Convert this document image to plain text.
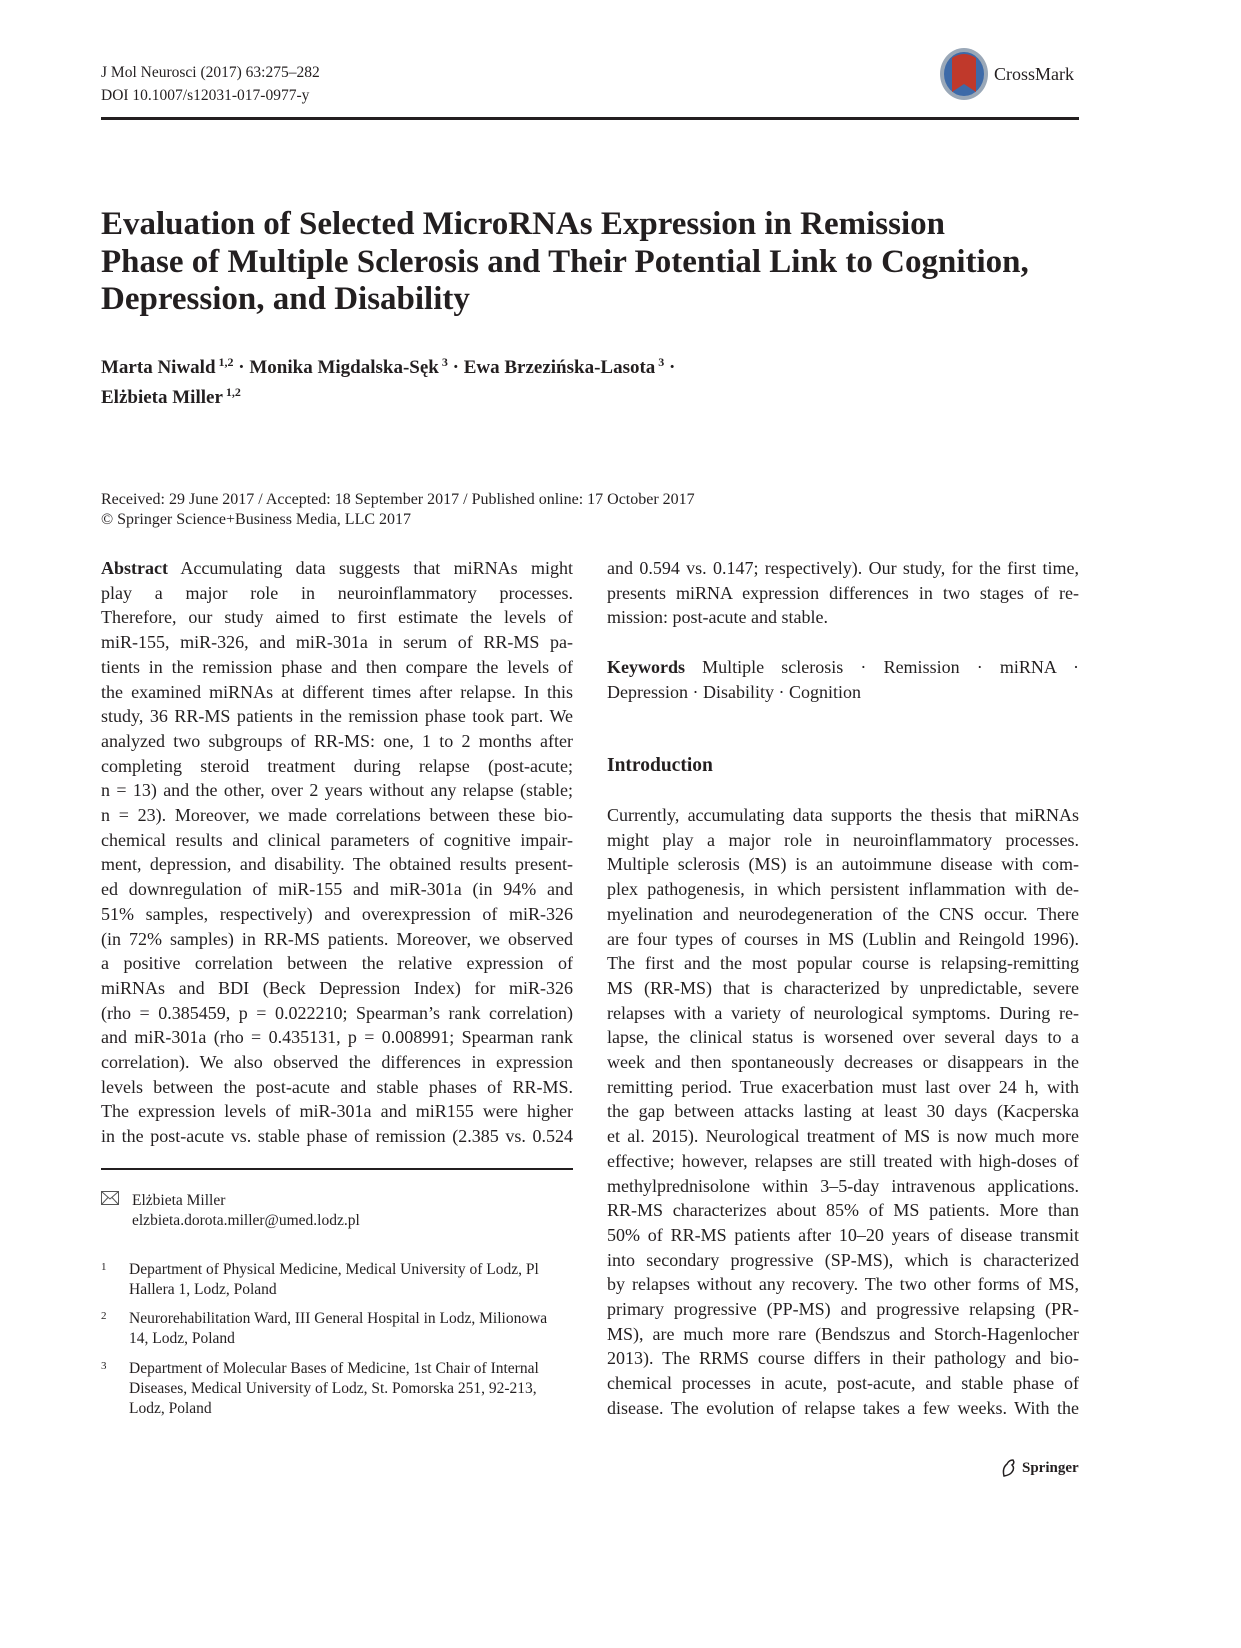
J Mol Neurosci (2017) 63:275–282
DOI 10.1007/s12031-017-0977-y
CrossMark
Evaluation of Selected MicroRNAs Expression in Remission
Phase of Multiple Sclerosis and Their Potential Link to Cognition,
Depression, and Disability
Marta Niwald $^{1,2}$ · Monika Migdalska-Sęk $^3$ · Ewa Brzezińska-Lasota $^3$ ·
Elżbieta Miller $^{1,2}$
Received: 29 June 2017 / Accepted: 18 September 2017 / Published online: 17 October 2017
© Springer Science+Business Media, LLC 2017
Abstract Accumulating data suggests that miRNAs might
play a major role in neuroinflammatory processes.
Therefore, our study aimed to first estimate the levels of
miR-155, miR-326, and miR-301a in serum of RR-MS pa-
tients in the remission phase and then compare the levels of
the examined miRNAs at different times after relapse. In this
study, 36 RR-MS patients in the remission phase took part. We
analyzed two subgroups of RR-MS: one, 1 to 2 months after
completing steroid treatment during relapse (post-acute;
n = 13) and the other, over 2 years without any relapse (stable;
n = 23). Moreover, we made correlations between these bio-
chemical results and clinical parameters of cognitive impair-
ment, depression, and disability. The obtained results present-
ed downregulation of miR-155 and miR-301a (in 94% and
51% samples, respectively) and overexpression of miR-326
(in 72% samples) in RR-MS patients. Moreover, we observed
a positive correlation between the relative expression of
miRNAs and BDI (Beck Depression Index) for miR-326
(rho = 0.385459, p = 0.022210; Spearman’s rank correlation)
and miR-301a (rho = 0.435131, p = 0.008991; Spearman rank
correlation). We also observed the differences in expression
levels between the post-acute and stable phases of RR-MS.
The expression levels of miR-301a and miR155 were higher
in the post-acute vs. stable phase of remission (2.385 vs. 0.524
and 0.594 vs. 0.147; respectively). Our study, for the first time,
presents miRNA expression differences in two stages of re-
mission: post-acute and stable.
Keywords Multiple sclerosis · Remission · miRNA ·
Depression · Disability · Cognition
Introduction
Currently, accumulating data supports the thesis that miRNAs
might play a major role in neuroinflammatory processes.
Multiple sclerosis (MS) is an autoimmune disease with com-
plex pathogenesis, in which persistent inflammation with de-
myelination and neurodegeneration of the CNS occur. There
are four types of courses in MS (Lublin and Reingold 1996).
The first and the most popular course is relapsing-remitting
MS (RR-MS) that is characterized by unpredictable, severe
relapses with a variety of neurological symptoms. During re-
lapse, the clinical status is worsened over several days to a
week and then spontaneously decreases or disappears in the
remitting period. True exacerbation must last over 24 h, with
the gap between attacks lasting at least 30 days (Kacperska
et al. 2015). Neurological treatment of MS is now much more
effective; however, relapses are still treated with high-doses of
methylprednisolone within 3–5-day intravenous applications.
RR-MS characterizes about 85% of MS patients. More than
50% of RR-MS patients after 10–20 years of disease transmit
into secondary progressive (SP-MS), which is characterized
by relapses without any recovery. The two other forms of MS,
primary progressive (PP-MS) and progressive relapsing (PR-
MS), are much more rare (Bendszus and Storch-Hagenlocher
2013). The RRMS course differs in their pathology and bio-
chemical processes in acute, post-acute, and stable phase of
disease. The evolution of relapse takes a few weeks. With the
Elżbieta Miller
elzbieta.dorota.miller@umed.lodz.pl
1 Department of Physical Medicine, Medical University of Lodz, Pl
Hallera 1, Lodz, Poland
2 Neurorehabilitation Ward, III General Hospital in Lodz, Milionowa
14, Lodz, Poland
3 Department of Molecular Bases of Medicine, 1st Chair of Internal
Diseases, Medical University of Lodz, St. Pomorska 251, 92-213,
Lodz, Poland
Springer
